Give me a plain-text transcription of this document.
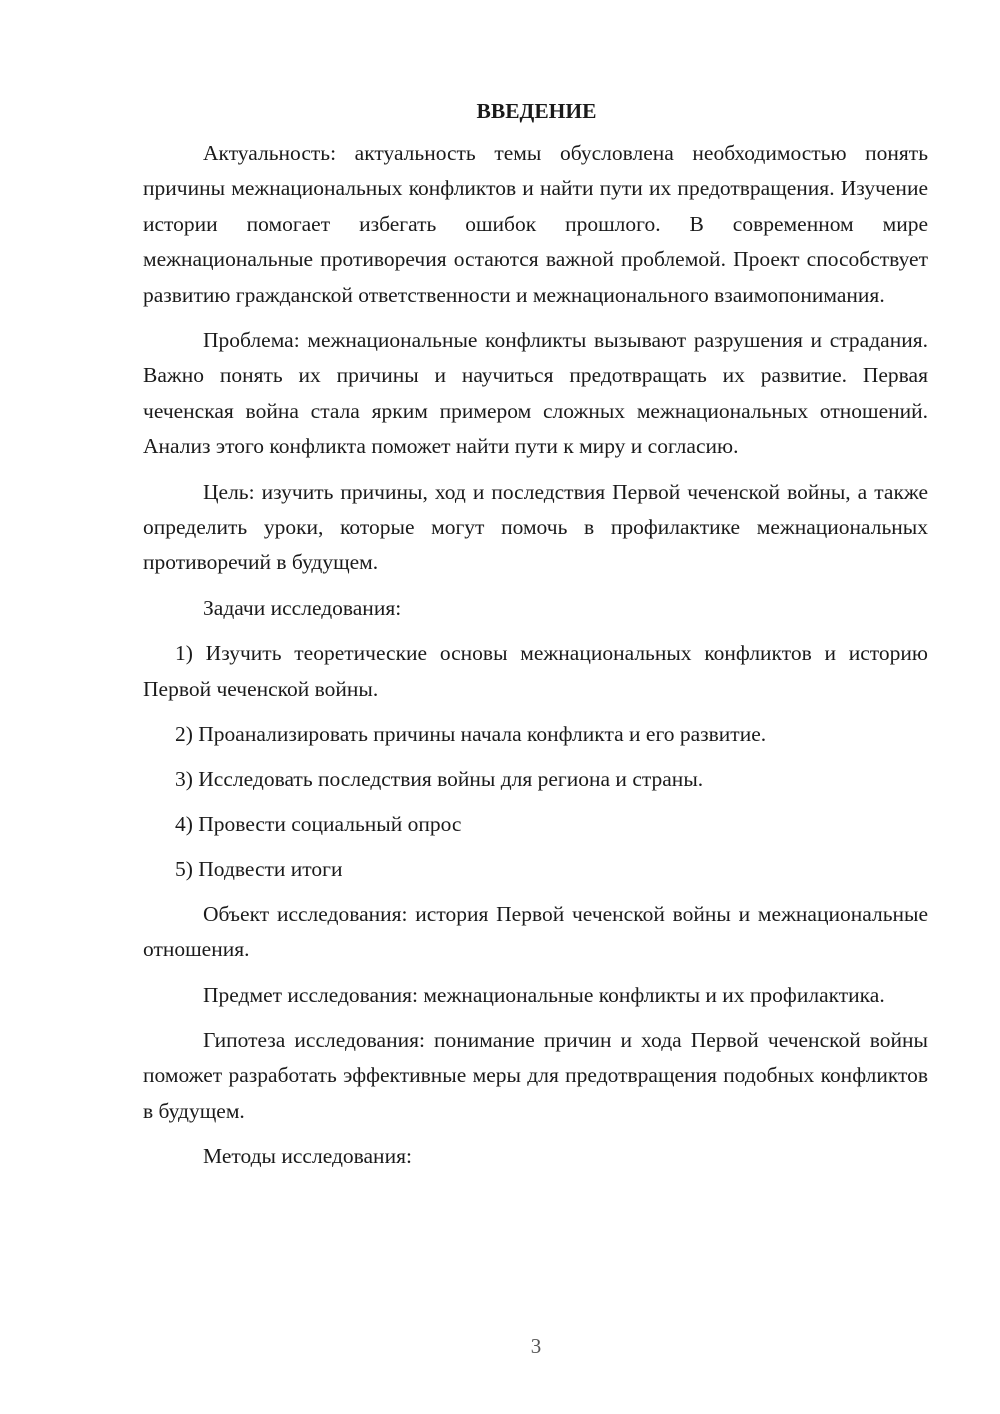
ВВЕДЕНИЕ

Актуальность: актуальность темы обусловлена необходимостью понять причины межнациональных конфликтов и найти пути их предотвращения. Изучение истории помогает избегать ошибок прошлого. В современном мире межнациональные противоречия остаются важной проблемой. Проект способствует развитию гражданской ответственности и межнационального взаимопонимания.

Проблема: межнациональные конфликты вызывают разрушения и страдания. Важно понять их причины и научиться предотвращать их развитие. Первая чеченская война стала ярким примером сложных межнациональных отношений. Анализ этого конфликта поможет найти пути к миру и согласию.

Цель: изучить причины, ход и последствия Первой чеченской войны, а также определить уроки, которые могут помочь в профилактике межнациональных противоречий в будущем.

Задачи исследования:

1) Изучить теоретические основы межнациональных конфликтов и историю Первой чеченской войны.

2) Проанализировать причины начала конфликта и его развитие.

3) Исследовать последствия войны для региона и страны.

4) Провести социальный опрос

5) Подвести итоги

Объект исследования: история Первой чеченской войны и межнациональные отношения.

Предмет исследования: межнациональные конфликты и их профилактика.

Гипотеза исследования: понимание причин и хода Первой чеченской войны поможет разработать эффективные меры для предотвращения подобных конфликтов в будущем.

Методы исследования:

3
